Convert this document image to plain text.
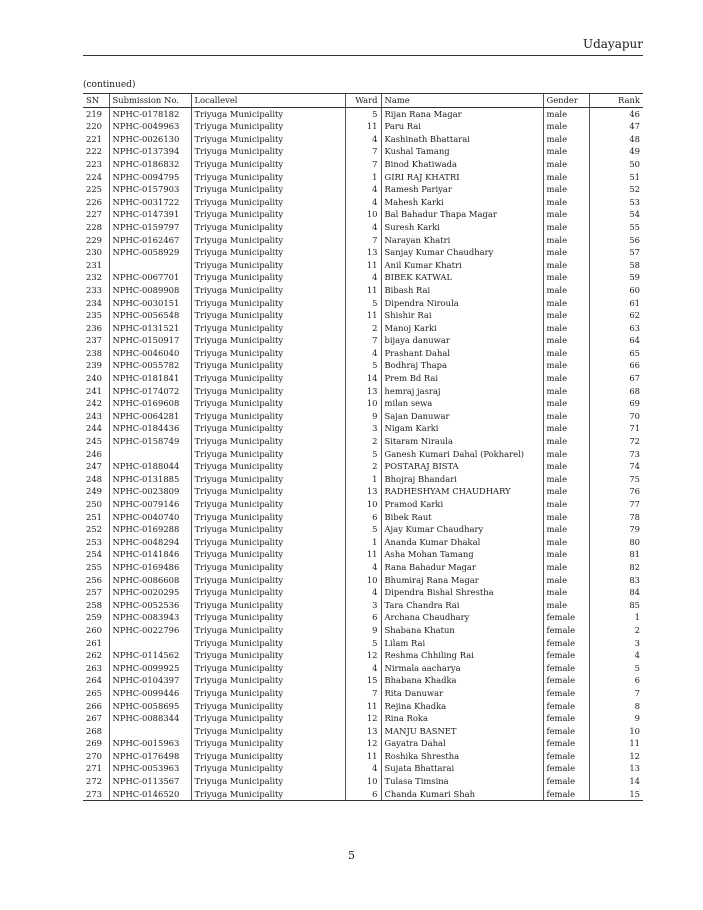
Udayapur
(continued)
SN	Submission No.	Locallevel	Ward	Name	Gender	Rank
219	NPHC-0178182	Triyuga Municipality	5	Rijan Rana Magar	male	46
220	NPHC-0049963	Triyuga Municipality	11	Paru Rai	male	47
221	NPHC-0026130	Triyuga Municipality	4	Kashinath Bhattarai	male	48
222	NPHC-0137394	Triyuga Municipality	7	Kushal Tamang	male	49
223	NPHC-0186832	Triyuga Municipality	7	Binod Khatiwada	male	50
224	NPHC-0094795	Triyuga Municipality	1	GIRI RAJ KHATRI	male	51
225	NPHC-0157903	Triyuga Municipality	4	Ramesh Pariyar	male	52
226	NPHC-0031722	Triyuga Municipality	4	Mahesh Karki	male	53
227	NPHC-0147391	Triyuga Municipality	10	Bal Bahadur Thapa Magar	male	54
228	NPHC-0159797	Triyuga Municipality	4	Suresh Karki	male	55
229	NPHC-0162467	Triyuga Municipality	7	Narayan Khatri	male	56
230	NPHC-0058929	Triyuga Municipality	13	Sanjay Kumar Chaudhary	male	57
231		Triyuga Municipality	11	Anil Kumar Khatri	male	58
232	NPHC-0067701	Triyuga Municipality	4	BIBEK KATWAL	male	59
233	NPHC-0089908	Triyuga Municipality	11	Bibash Rai	male	60
234	NPHC-0030151	Triyuga Municipality	5	Dipendra Niroula	male	61
235	NPHC-0056548	Triyuga Municipality	11	Shishir Rai	male	62
236	NPHC-0131521	Triyuga Municipality	2	Manoj Karki	male	63
237	NPHC-0150917	Triyuga Municipality	7	bijaya danuwar	male	64
238	NPHC-0046040	Triyuga Municipality	4	Prashant Dahal	male	65
239	NPHC-0055782	Triyuga Municipality	5	Bodhraj Thapa	male	66
240	NPHC-0181841	Triyuga Municipality	14	Prem Bd Rai	male	67
241	NPHC-0174072	Triyuga Municipality	13	hemraj jasraj	male	68
242	NPHC-0169608	Triyuga Municipality	10	milan sewa	male	69
243	NPHC-0064281	Triyuga Municipality	9	Sajan Danuwar	male	70
244	NPHC-0184436	Triyuga Municipality	3	Nigam Karki	male	71
245	NPHC-0158749	Triyuga Municipality	2	Sitaram Niraula	male	72
246		Triyuga Municipality	5	Ganesh Kumari Dahal (Pokharel)	male	73
247	NPHC-0188044	Triyuga Municipality	2	POSTARAJ BISTA	male	74
248	NPHC-0131885	Triyuga Municipality	1	Bhojraj Bhandari	male	75
249	NPHC-0023809	Triyuga Municipality	13	RADHESHYAM CHAUDHARY	male	76
250	NPHC-0079146	Triyuga Municipality	10	Pramod Karki	male	77
251	NPHC-0040740	Triyuga Municipality	6	Bibek Raut	male	78
252	NPHC-0169288	Triyuga Municipality	5	Ajay Kumar Chaudhary	male	79
253	NPHC-0048294	Triyuga Municipality	1	Ananda Kumar Dhakal	male	80
254	NPHC-0141846	Triyuga Municipality	11	Asha Mohan Tamang	male	81
255	NPHC-0169486	Triyuga Municipality	4	Rana Bahadur Magar	male	82
256	NPHC-0086608	Triyuga Municipality	10	Bhumiraj Rana Magar	male	83
257	NPHC-0020295	Triyuga Municipality	4	Dipendra Bishal Shrestha	male	84
258	NPHC-0052536	Triyuga Municipality	3	Tara Chandra Rai	male	85
259	NPHC-0083943	Triyuga Municipality	6	Archana Chaudhary	female	1
260	NPHC-0022796	Triyuga Municipality	9	Shabana Khatun	female	2
261		Triyuga Municipality	5	Lilam Rai	female	3
262	NPHC-0114562	Triyuga Municipality	12	Reshma Chhiling Rai	female	4
263	NPHC-0099925	Triyuga Municipality	4	Nirmala aacharya	female	5
264	NPHC-0104397	Triyuga Municipality	15	Bhabana Khadka	female	6
265	NPHC-0099446	Triyuga Municipality	7	Rita Danuwar	female	7
266	NPHC-0058695	Triyuga Municipality	11	Rejina Khadka	female	8
267	NPHC-0088344	Triyuga Municipality	12	Rina Roka	female	9
268		Triyuga Municipality	13	MANJU BASNET	female	10
269	NPHC-0015963	Triyuga Municipality	12	Gayatra Dahal	female	11
270	NPHC-0176498	Triyuga Municipality	11	Roshika Shrestha	female	12
271	NPHC-0053963	Triyuga Municipality	4	Sujata Bhattarai	female	13
272	NPHC-0113567	Triyuga Municipality	10	Tulasa Timsina	female	14
273	NPHC-0146520	Triyuga Municipality	6	Chanda Kumari Shah	female	15
5
